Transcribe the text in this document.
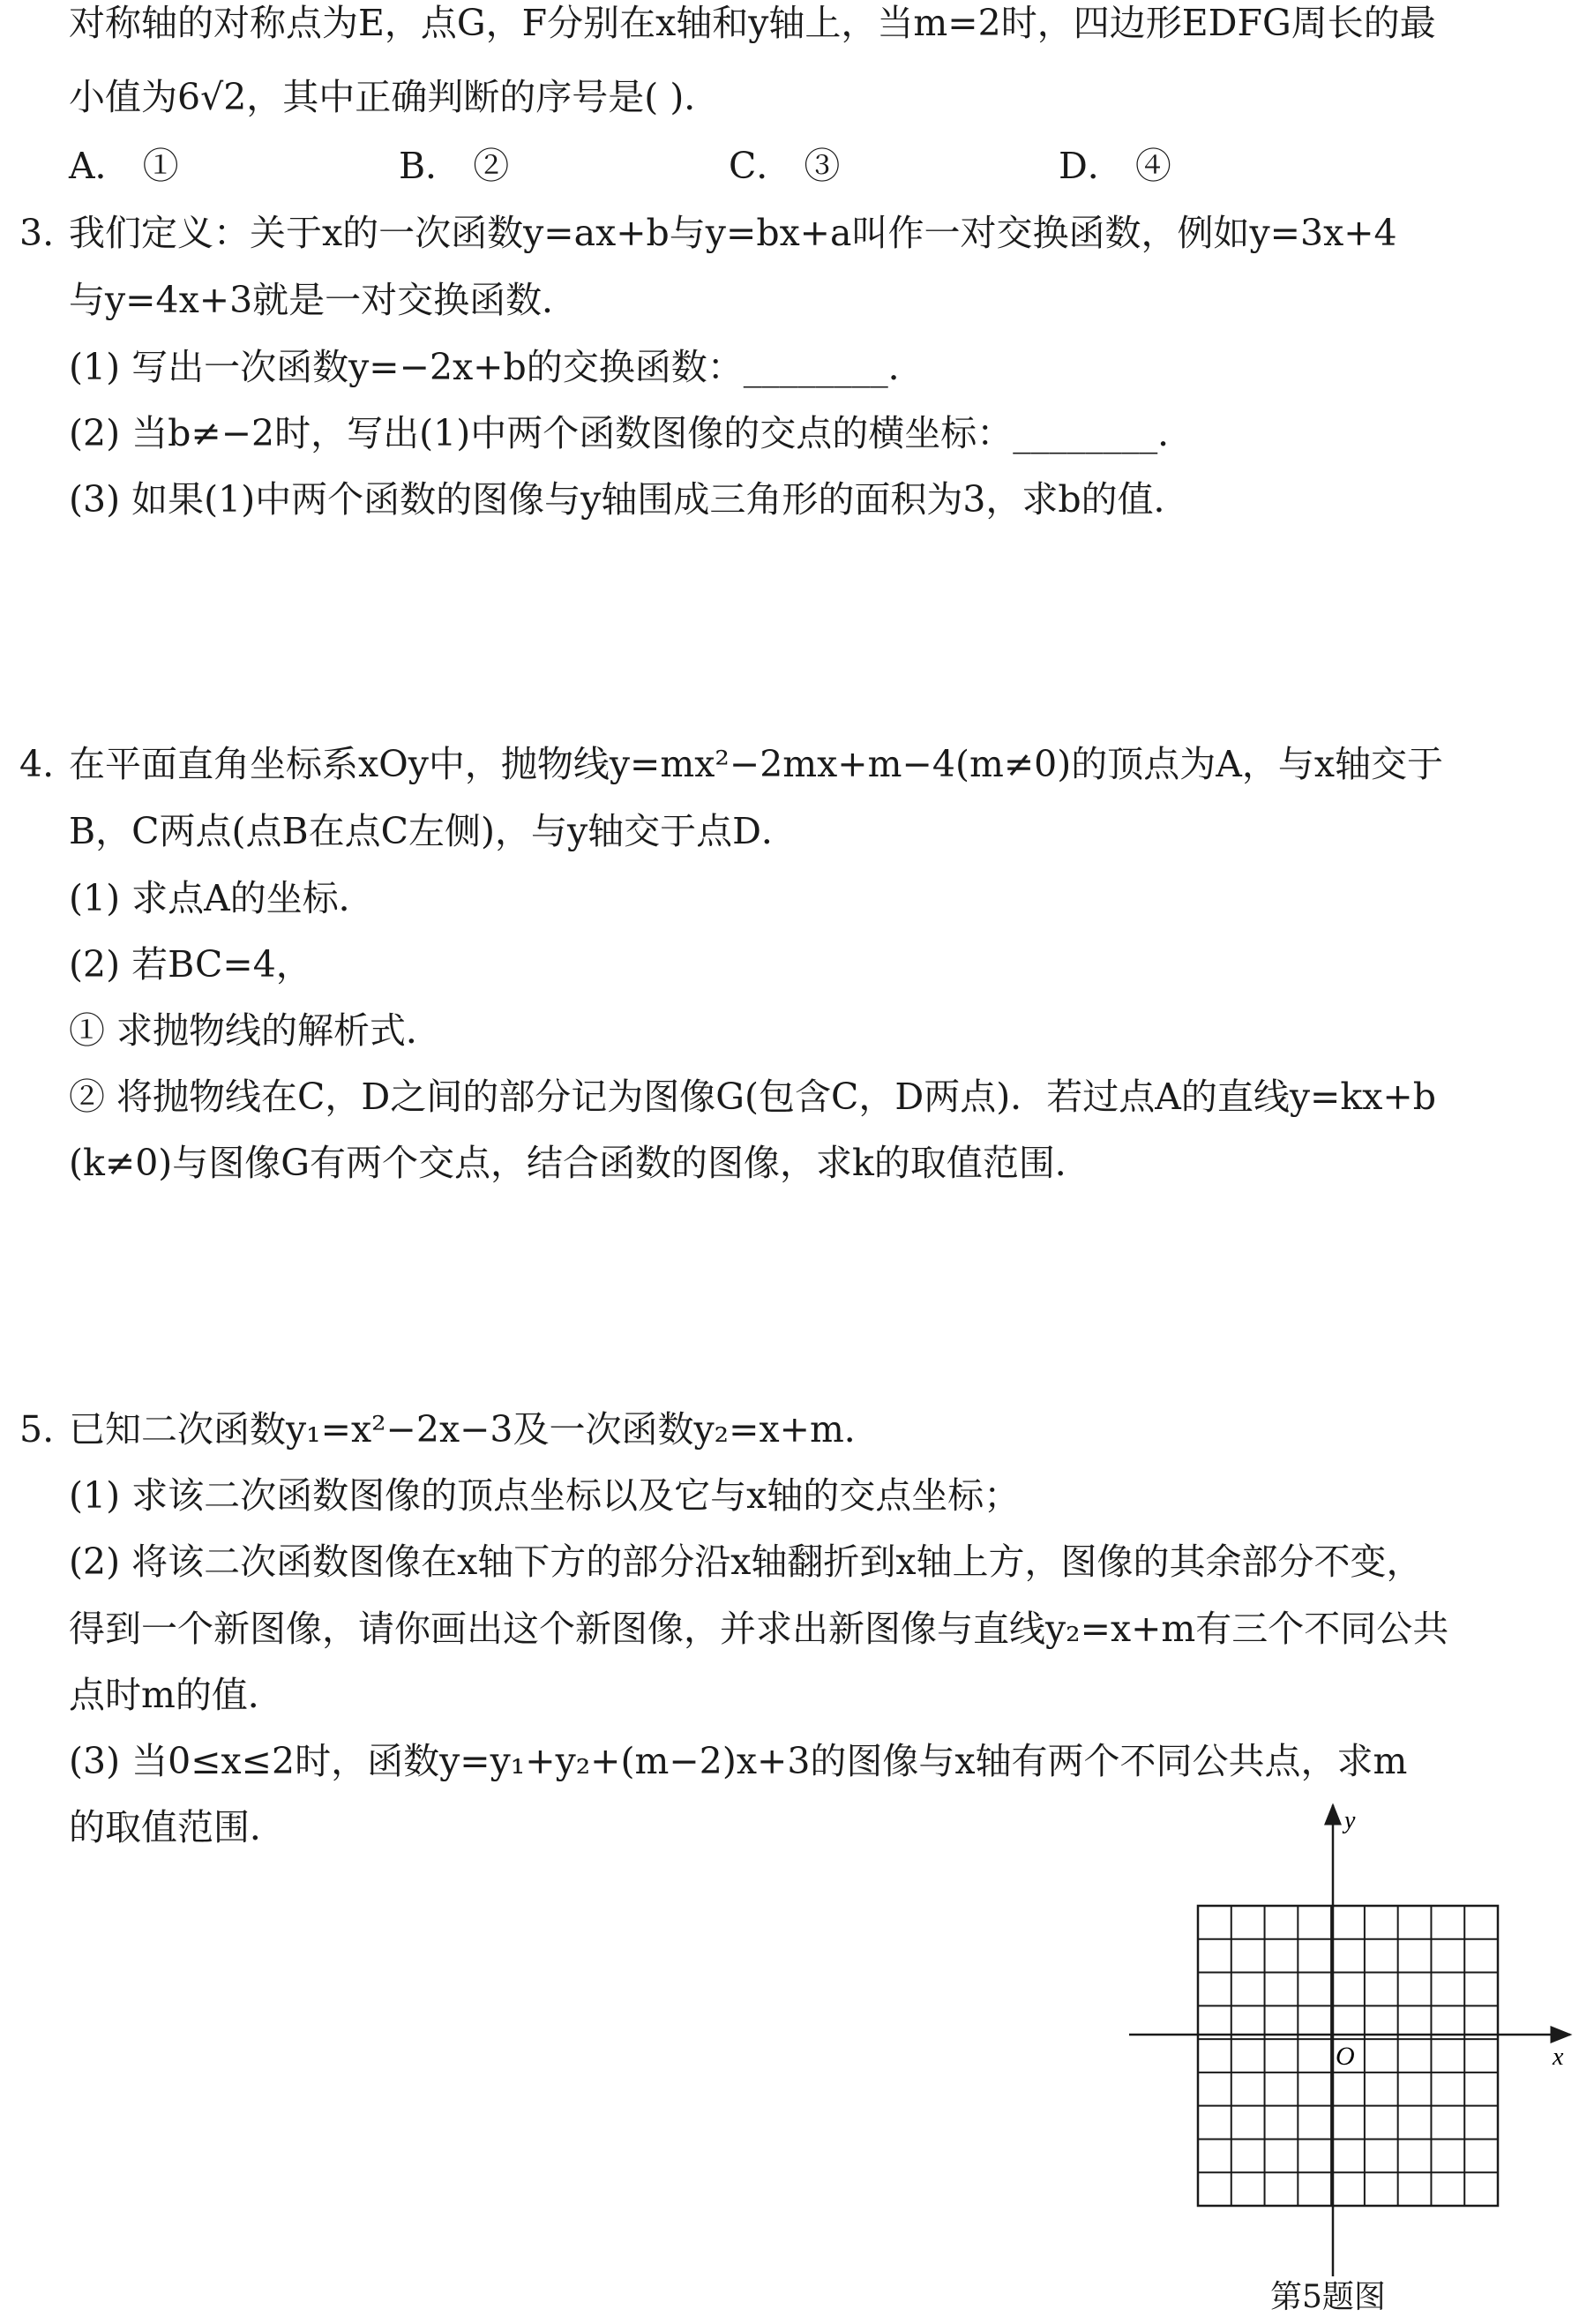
对称轴的对称点为E，点G，F分别在x轴和y轴上，当m=2时，四边形EDFG周长的最
小值为6√2，其中正确判断的序号是( )．
A． ①	B． ②	C． ③	D． ④
3. 我们定义：关于x的一次函数y=ax+b与y=bx+a叫作一对交换函数，例如y=3x+4
与y=4x+3就是一对交换函数．
(1) 写出一次函数y=−2x+b的交换函数：________．
(2) 当b≠−2时，写出(1)中两个函数图像的交点的横坐标：________．
(3) 如果(1)中两个函数的图像与y轴围成三角形的面积为3，求b的值．
4. 在平面直角坐标系xOy中，抛物线y=mx²−2mx+m−4(m≠0)的顶点为A，与x轴交于
B，C两点(点B在点C左侧)，与y轴交于点D．
(1) 求点A的坐标．
(2) 若BC=4，
① 求抛物线的解析式．
② 将抛物线在C，D之间的部分记为图像G(包含C，D两点)．若过点A的直线y=kx+b
(k≠0)与图像G有两个交点，结合函数的图像，求k的取值范围．
5. 已知二次函数y₁=x²−2x−3及一次函数y₂=x+m．
(1) 求该二次函数图像的顶点坐标以及它与x轴的交点坐标；
(2) 将该二次函数图像在x轴下方的部分沿x轴翻折到x轴上方，图像的其余部分不变，
得到一个新图像，请你画出这个新图像，并求出新图像与直线y₂=x+m有三个不同公共
点时m的值．
(3) 当0≤x≤2时，函数y=y₁+y₂+(m−2)x+3的图像与x轴有两个不同公共点，求m
的取值范围．	y
x
O
第5题图
